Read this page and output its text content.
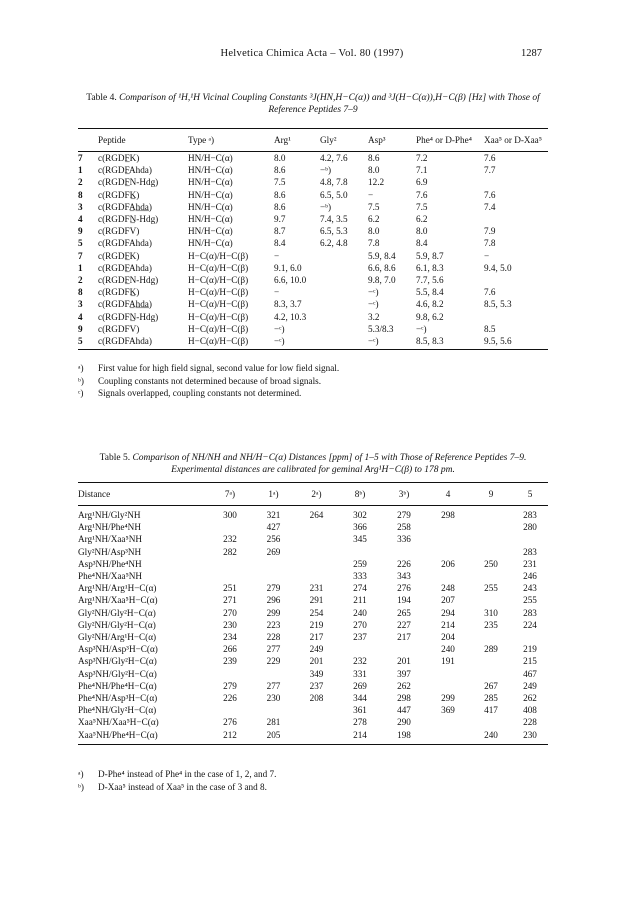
Helvetica Chimica Acta – Vol. 80 (1997)	1287
Table 4. Comparison of ¹H,¹H Vicinal Coupling Constants ³J(HN,H−C(α)) and ³J(H−C(α)),H−C(β) [Hz] with Those of Reference Peptides 7–9
	Peptide	Type ᵃ)	Arg¹	Gly²	Asp³	Phe⁴ or D-Phe⁴	Xaa⁵ or D-Xaa⁵
7	c(RGDF̲K)	HN/H−C(α)	8.0	4.2, 7.6	8.6	7.2	7.6
1	c(RGDF̲Ahda)	HN/H−C(α)	8.6	−ᵇ)	8.0	7.1	7.7
2	c(RGDF̲N-Hdg)	HN/H−C(α)	7.5	4.8, 7.8	12.2	6.9	
8	c(RGDFK̲)	HN/H−C(α)	8.6	6.5, 5.0	−	7.6	7.6
3	c(RGDFA̲h̲d̲a̲)	HN/H−C(α)	8.6	−ᵇ)	7.5	7.5	7.4
4	c(RGDFN̲-Hdg)	HN/H−C(α)	9.7	7.4, 3.5	6.2	6.2	
9	c(RGDFV)	HN/H−C(α)	8.7	6.5, 5.3	8.0	8.0	7.9
5	c(RGDFAhda)	HN/H−C(α)	8.4	6.2, 4.8	7.8	8.4	7.8
7	c(RGDF̲K)	H−C(α)/H−C(β)	−		5.9, 8.4	5.9, 8.7	−
1	c(RGDF̲Ahda)	H−C(α)/H−C(β)	9.1, 6.0		6.6, 8.6	6.1, 8.3	9.4, 5.0
2	c(RGDF̲N-Hdg)	H−C(α)/H−C(β)	6.6, 10.0		9.8, 7.0	7.7, 5.6	
8	c(RGDFK̲)	H−C(α)/H−C(β)	−		−ᶜ)	5.5, 8.4	7.6
3	c(RGDFA̲h̲d̲a̲)	H−C(α)/H−C(β)	8.3, 3.7		−ᶜ)	4.6, 8.2	8.5, 5.3
4	c(RGDFN̲-Hdg)	H−C(α)/H−C(β)	4.2, 10.3		3.2	9.8, 6.2	
9	c(RGDFV)	H−C(α)/H−C(β)	−ᶜ)		5.3/8.3	−ᶜ)	8.5
5	c(RGDFAhda)	H−C(α)/H−C(β)	−ᶜ)		−ᶜ)	8.5, 8.3	9.5, 5.6
ᵃ)	First value for high field signal, second value for low field signal.
ᵇ)	Coupling constants not determined because of broad signals.
ᶜ)	Signals overlapped, coupling constants not determined.
Table 5. Comparison of NH/NH and NH/H−C(α) Distances [ppm] of 1–5 with Those of Reference Peptides 7–9. Experimental distances are calibrated for geminal Arg¹H−C(β) to 178 pm.
Distance	7ᵃ)	1ᵃ)	2ᵃ)	8ᵇ)	3ᵇ)	4	9	5
Arg¹NH/Gly²NH	300	321	264	302	279	298		283
Arg¹NH/Phe⁴NH		427		366	258			280
Arg¹NH/Xaa⁵NH	232	256		345	336			
Gly²NH/Asp³NH	282	269						283
Asp³NH/Phe⁴NH				259	226	206	250	231
Phe⁴NH/Xaa⁵NH				333	343			246
Arg¹NH/Arg¹H−C(α)	251	279	231	274	276	248	255	243
Arg¹NH/Xaa⁵H−C(α)	271	296	291	211	194	207		255
Gly²NH/Gly²H−C(α)	270	299	254	240	265	294	310	283
Gly²NH/Gly²H−C(α)	230	223	219	270	227	214	235	224
Gly²NH/Arg¹H−C(α)	234	228	217	237	217	204		
Asp³NH/Asp³H−C(α)	266	277	249			240	289	219
Asp³NH/Gly²H−C(α)	239	229	201	232	201	191		215
Asp³NH/Gly²H−C(α)			349	331	397			467
Phe⁴NH/Phe⁴H−C(α)	279	277	237	269	262		267	249
Phe⁴NH/Asp³H−C(α)	226	230	208	344	298	299	285	262
Phe⁴NH/Gly²H−C(α)				361	447	369	417	408
Xaa⁵NH/Xaa⁵H−C(α)	276	281		278	290			228
Xaa⁵NH/Phe⁴H−C(α)	212	205		214	198		240	230
ᵃ)	D-Phe⁴ instead of Phe⁴ in the case of 1, 2, and 7.
ᵇ)	D-Xaa⁵ instead of Xaa⁵ in the case of 3 and 8.
